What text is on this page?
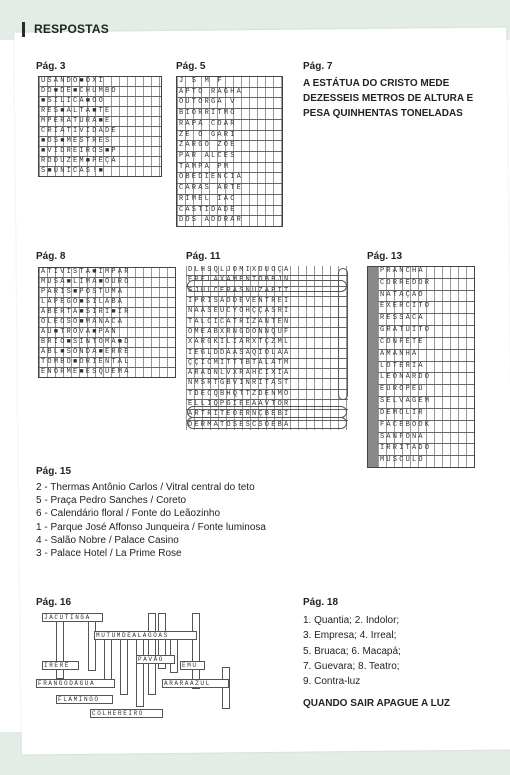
RESPOSTAS
Pág. 3
USANDO■OXI
DO■DE■CHUMBO
■SILICA■OO
RES■ALTA■TE
MPERATURA■E
CRIATIVIDADE
■OS■MESTRES
■VIDREIROS■P
RODUZEM■PEÇA
S■ÚNICAS!■
Pág. 5
J S M F
APTO RAGHA
OUTORGA V
BIORRITMO
RAPA COAR
ZE O GARI
ZARGO ZOE
PAR ALCES
TAMPA PM
OBEDIENCIA
CARAS ARTE
RIMEL IAC
CASTIDADE
DOS ADORAR
Pág. 7
A ESTÁTUA DO CRISTO MEDE DEZESSEIS METROS DE ALTURA E PESA QUINHENTAS TONELADAS
Pág. 8
ATIVISTA■IMPAR
MUSA■LIMA■OURO
PARIS■POSTUMA
LAPEGO■SILABA
ABERTA■SIRI■IR
OLEOSO■MANACA
AU■TROVA■PAN
BRIO■SINTOMA■D
ABL■SONDA■ERRE
TOMBO■ORIENTAL
ENORME■ESQUEMA
Pág. 11
DLHSQLJÔMIXOUOÇA
ERELAXAMENTOBBJN
SJULCERASNUZÃPIT
IPRISÃODEVENTREI
NAASEUCYOHÇÇÃSRI
TALCICATRIZANTEN
OMEÃBXRNGDÔNNQUF
XÃRGKILIARXTÇZML
IEGLDDAASAQIOLAA
ÇÇICMITTTBTALATM
ARADNLVXRAHCIXIA
NMSRTGBVINRITAST
TDECQBHQTTZDENMO
ELLIQPGIEEAAVTOR
ARTRITEOERNÇBEBI
DERMATOSESCSOEBA
Pág. 13
PRANCHA
CORREDOR
NATAÇÃO
EXERCÍTO
RESSACA
GRATUITO
CONFETE
AMANHÃ
LOTERIA
LEONARDO
EUROPEU
SELVAGEM
DEMOLIR
FACEBOOK
SANFONA
IRRITADO
MÚSCULO
Pág. 15
2 - Thermas Antônio Carlos / Vitral central do teto
5 - Praça Pedro Sanches / Coreto
6 - Calendário floral / Fonte do Leãozinho
1 - Parque José Affonso Junqueira / Fonte luminosa
4 - Salão Nobre / Palace Casino
3 - Palace Hotel / La Prime Rose
Pág. 16
JACUTINGA
MUTUMDEALAGOAS
PAVÃO
IRERÊ	EMU
FRANGODÁGUA	ARARAAZUL
FLAMINGO
COLHEREIRO
Pág. 18
1. Quantia; 2. Indolor;
3. Empresa; 4. Irreal;
5. Bruaca; 6. Macapá;
7. Guevara; 8. Teatro;
9. Contra-luz
QUANDO SAIR APAGUE A LUZ
